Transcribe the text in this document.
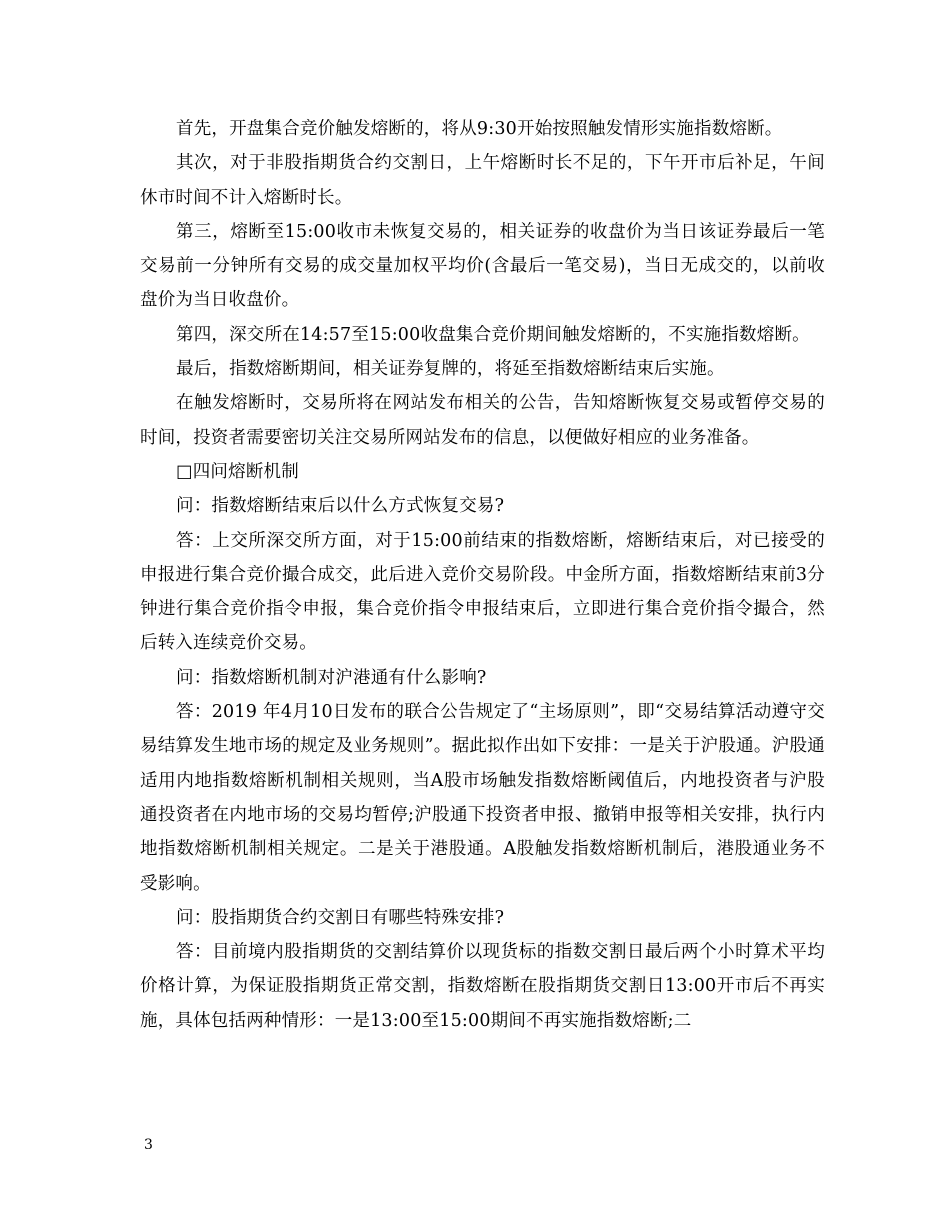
首先，开盘集合竞价触发熔断的，将从9:30开始按照触发情形实施指数熔断。

其次，对于非股指期货合约交割日，上午熔断时长不足的，下午开市后补足，午间休市时间不计入熔断时长。

第三，熔断至15:00收市未恢复交易的，相关证券的收盘价为当日该证券最后一笔交易前一分钟所有交易的成交量加权平均价(含最后一笔交易)，当日无成交的，以前收盘价为当日收盘价。

第四，深交所在14:57至15:00收盘集合竞价期间触发熔断的，不实施指数熔断。

最后，指数熔断期间，相关证券复牌的，将延至指数熔断结束后实施。

在触发熔断时，交易所将在网站发布相关的公告，告知熔断恢复交易或暂停交易的时间，投资者需要密切关注交易所网站发布的信息，以便做好相应的业务准备。

□四问熔断机制

问：指数熔断结束后以什么方式恢复交易?

答：上交所深交所方面，对于15:00前结束的指数熔断，熔断结束后，对已接受的申报进行集合竞价撮合成交，此后进入竞价交易阶段。中金所方面，指数熔断结束前3分钟进行集合竞价指令申报，集合竞价指令申报结束后，立即进行集合竞价指令撮合，然后转入连续竞价交易。

问：指数熔断机制对沪港通有什么影响?

答：2019 年4月10日发布的联合公告规定了“主场原则”，即“交易结算活动遵守交易结算发生地市场的规定及业务规则”。据此拟作出如下安排：一是关于沪股通。沪股通适用内地指数熔断机制相关规则，当A股市场触发指数熔断阈值后，内地投资者与沪股通投资者在内地市场的交易均暂停;沪股通下投资者申报、撤销申报等相关安排，执行内地指数熔断机制相关规定。二是关于港股通。A股触发指数熔断机制后，港股通业务不受影响。

问：股指期货合约交割日有哪些特殊安排?

答：目前境内股指期货的交割结算价以现货标的指数交割日最后两个小时算术平均价格计算，为保证股指期货正常交割，指数熔断在股指期货交割日13:00开市后不再实施，具体包括两种情形：一是13:00至15:00期间不再实施指数熔断;二

3
